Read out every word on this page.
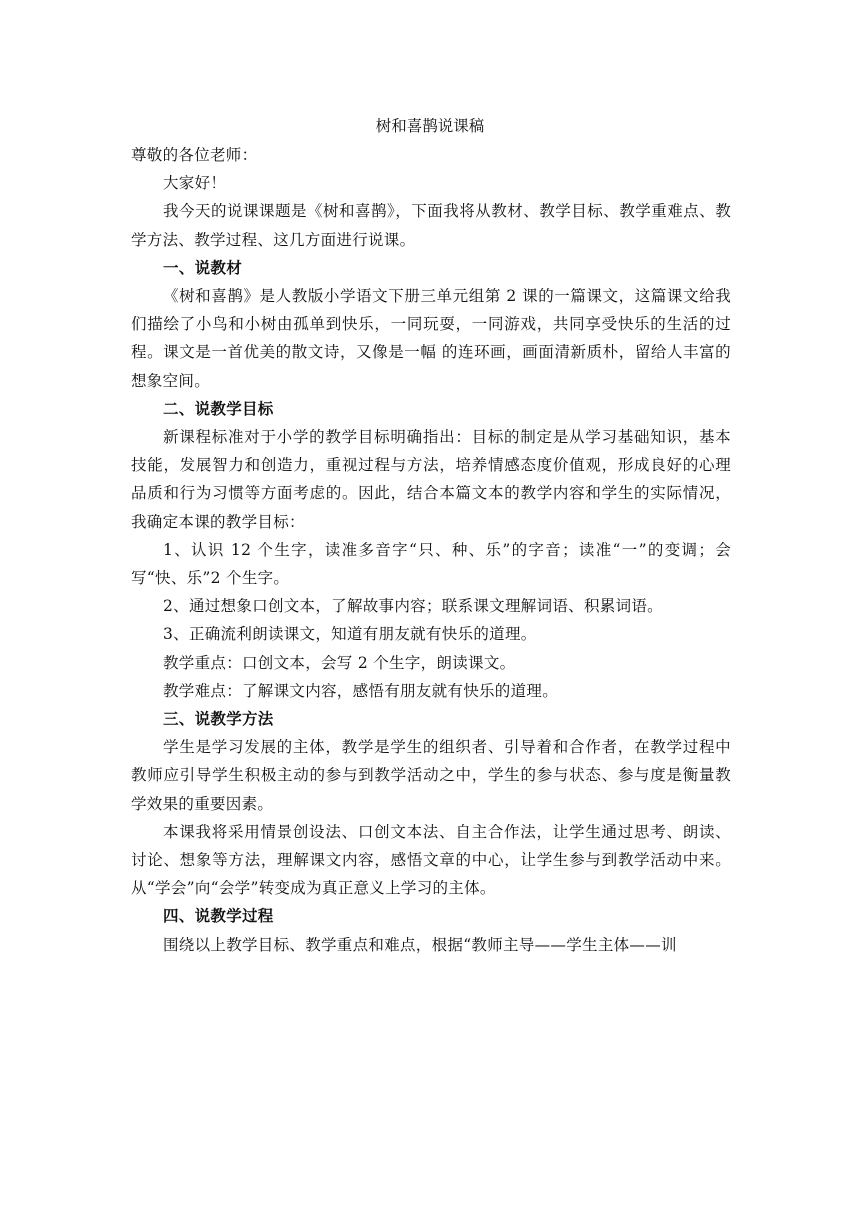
树和喜鹊说课稿

尊敬的各位老师：

大家好！

我今天的说课课题是《树和喜鹊》，下面我将从教材、教学目标、教学重难点、教学方法、教学过程、这几方面进行说课。

一、说教材

《树和喜鹊》是人教版小学语文下册三单元组第 2 课的一篇课文，这篇课文给我们描绘了小鸟和小树由孤单到快乐，一同玩耍，一同游戏，共同享受快乐的生活的过程。课文是一首优美的散文诗，又像是一幅 的连环画，画面清新质朴，留给人丰富的想象空间。

二、说教学目标

新课程标准对于小学的教学目标明确指出：目标的制定是从学习基础知识，基本技能，发展智力和创造力，重视过程与方法，培养情感态度价值观，形成良好的心理品质和行为习惯等方面考虑的。因此，结合本篇文本的教学内容和学生的实际情况，我确定本课的教学目标：

1、认识 12 个生字，读准多音字“只、种、乐”的字音；读准“一”的变调；会写“快、乐”2 个生字。

2、通过想象口创文本，了解故事内容；联系课文理解词语、积累词语。

3、正确流利朗读课文，知道有朋友就有快乐的道理。

教学重点：口创文本，会写 2 个生字，朗读课文。

教学难点：了解课文内容，感悟有朋友就有快乐的道理。

三、说教学方法

学生是学习发展的主体，教学是学生的组织者、引导着和合作者，在教学过程中教师应引导学生积极主动的参与到教学活动之中，学生的参与状态、参与度是衡量教学效果的重要因素。

本课我将采用情景创设法、口创文本法、自主合作法，让学生通过思考、朗读、讨论、想象等方法，理解课文内容，感悟文章的中心，让学生参与到教学活动中来。从“学会”向“会学”转变成为真正意义上学习的主体。

四、说教学过程

围绕以上教学目标、教学重点和难点，根据“教师主导——学生主体——训
